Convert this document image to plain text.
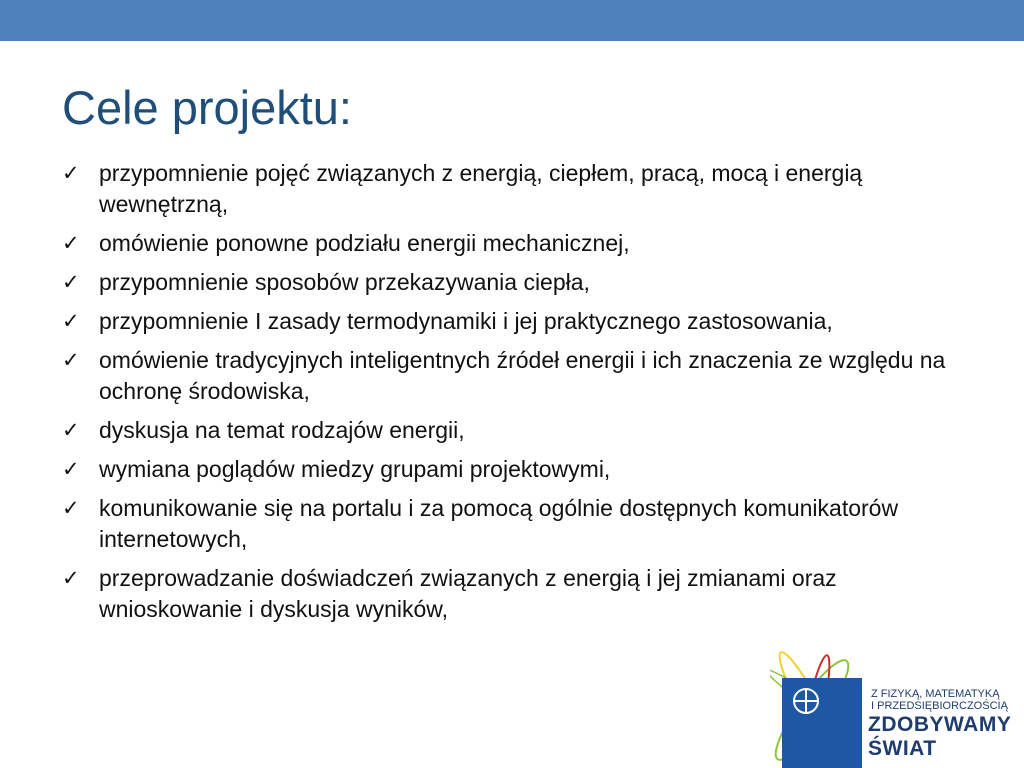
Cele projektu:
✓ przypomnienie pojęć związanych z energią, ciepłem, pracą, mocą i energią wewnętrzną,
✓ omówienie ponowne podziału energii mechanicznej,
✓ przypomnienie sposobów przekazywania ciepła,
✓ przypomnienie I zasady termodynamiki i jej praktycznego zastosowania,
✓ omówienie tradycyjnych inteligentnych źródeł energii i ich znaczenia ze względu na ochronę środowiska,
✓ dyskusja na temat rodzajów energii,
✓ wymiana poglądów miedzy grupami projektowymi,
✓ komunikowanie się na portalu i za pomocą ogólnie dostępnych komunikatorów internetowych,
✓ przeprowadzanie doświadczeń związanych z energią i jej zmianami oraz wnioskowanie i dyskusja wyników,
Z FIZYKĄ, MATEMATYKĄ
I PRZEDSIĘBIORCZOŚCIĄ
ZDOBYWAMY
ŚWIAT
